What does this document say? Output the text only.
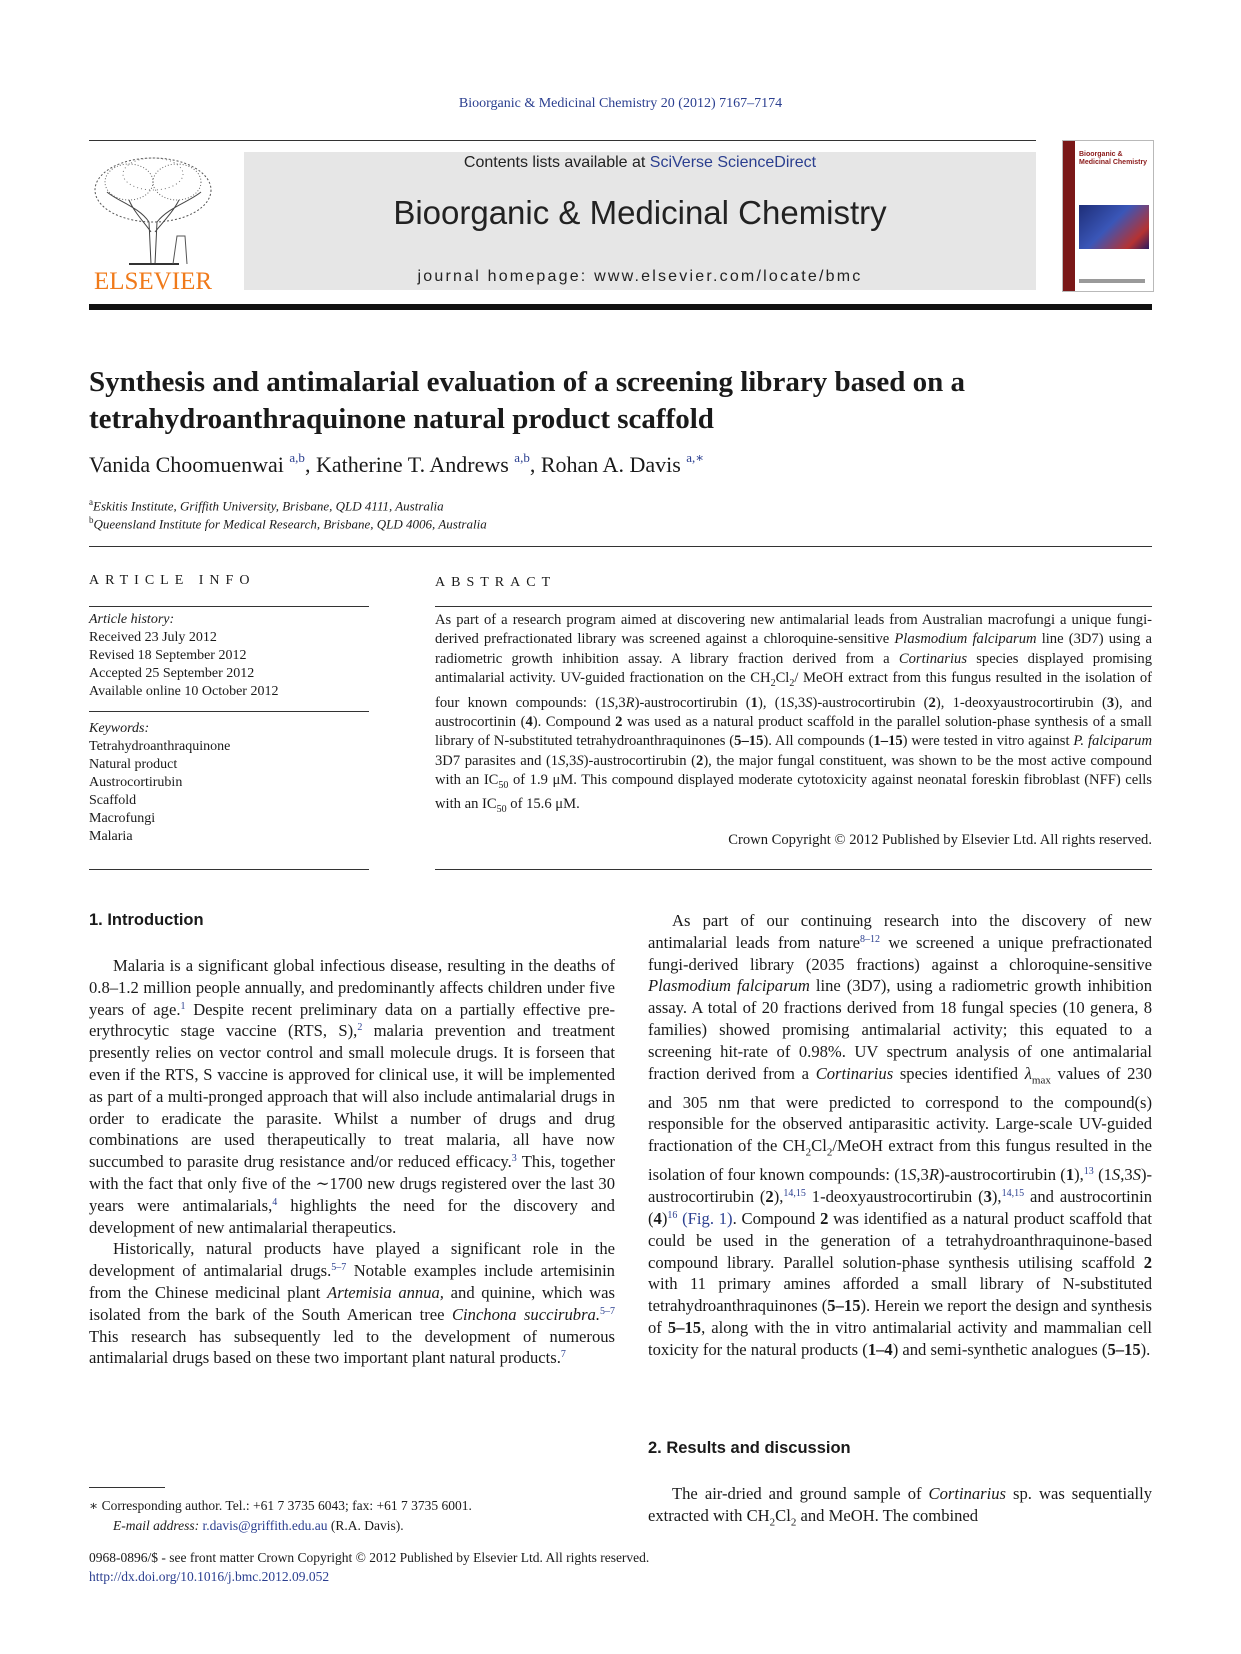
Bioorganic & Medicinal Chemistry 20 (2012) 7167–7174
ELSEVIER
Contents lists available at SciVerse ScienceDirect
Bioorganic & Medicinal Chemistry
journal homepage: www.elsevier.com/locate/bmc
Bioorganic & Medicinal Chemistry
Synthesis and antimalarial evaluation of a screening library based on a tetrahydroanthraquinone natural product scaffold
Vanida Choomuenwai $^{a,b}$, Katherine T. Andrews $^{a,b}$, Rohan A. Davis $^{a,∗}$
$^a$Eskitis Institute, Griffith University, Brisbane, QLD 4111, Australia
$^b$Queensland Institute for Medical Research, Brisbane, QLD 4006, Australia
ARTICLE INFO
Article history:
Received 23 July 2012
Revised 18 September 2012
Accepted 25 September 2012
Available online 10 October 2012
Keywords:
Tetrahydroanthraquinone
Natural product
Austrocortirubin
Scaffold
Macrofungi
Malaria
ABSTRACT
As part of a research program aimed at discovering new antimalarial leads from Australian macrofungi a unique fungi-derived prefractionated library was screened against a chloroquine-sensitive Plasmodium falciparum line (3D7) using a radiometric growth inhibition assay. A library fraction derived from a Cortinarius species displayed promising antimalarial activity. UV-guided fractionation on the $CH_2Cl_2/$ MeOH extract from this fungus resulted in the isolation of four known compounds: (1S,3R)-austrocortirubin (1), (1S,3S)-austrocortirubin (2), 1-deoxyaustrocortirubin (3), and austrocortinin (4). Compound 2 was used as a natural product scaffold in the parallel solution-phase synthesis of a small library of N-substituted tetrahydroanthraquinones (5–15). All compounds (1–15) were tested in vitro against P. falciparum 3D7 parasites and (1S,3S)-austrocortirubin (2), the major fungal constituent, was shown to be the most active compound with an $IC_{50}$ of 1.9 μM. This compound displayed moderate cytotoxicity against neonatal foreskin fibroblast (NFF) cells with an $IC_{50}$ of 15.6 μM.
Crown Copyright © 2012 Published by Elsevier Ltd. All rights reserved.
1. Introduction

Malaria is a significant global infectious disease, resulting in the deaths of 0.8–1.2 million people annually, and predominantly affects children under five years of age.$^1$ Despite recent preliminary data on a partially effective pre-erythrocytic stage vaccine (RTS, S),$^2$ malaria prevention and treatment presently relies on vector control and small molecule drugs. It is forseen that even if the RTS, S vaccine is approved for clinical use, it will be implemented as part of a multi-pronged approach that will also include antimalarial drugs in order to eradicate the parasite. Whilst a number of drugs and drug combinations are used therapeutically to treat malaria, all have now succumbed to parasite drug resistance and/or reduced efficacy.$^3$ This, together with the fact that only five of the ∼1700 new drugs registered over the last 30 years were antimalarials,$^4$ highlights the need for the discovery and development of new antimalarial therapeutics.

Historically, natural products have played a significant role in the development of antimalarial drugs.$^{5-7}$ Notable examples include artemisinin from the Chinese medicinal plant Artemisia annua, and quinine, which was isolated from the bark of the South American tree Cinchona succirubra.$^{5-7}$ This research has subsequently led to the development of numerous antimalarial drugs based on these two important plant natural products.$^7$

As part of our continuing research into the discovery of new antimalarial leads from nature$^{8-12}$ we screened a unique prefractionated fungi-derived library (2035 fractions) against a chloroquine-sensitive Plasmodium falciparum line (3D7), using a radiometric growth inhibition assay. A total of 20 fractions derived from 18 fungal species (10 genera, 8 families) showed promising antimalarial activity; this equated to a screening hit-rate of 0.98%. UV spectrum analysis of one antimalarial fraction derived from a Cortinarius species identified $\lambda_{max}$ values of 230 and 305 nm that were predicted to correspond to the compound(s) responsible for the observed antiparasitic activity. Large-scale UV-guided fractionation of the $CH_2Cl_2$/MeOH extract from this fungus resulted in the isolation of four known compounds: (1S,3R)-austrocortirubin (1),$^{13}$ (1S,3S)-austrocortirubin (2),$^{14,15}$ 1-deoxyaustrocortirubin (3),$^{14,15}$ and austrocortinin $(4)^{16}$ (Fig. 1). Compound 2 was identified as a natural product scaffold that could be used in the generation of a tetrahydroanthraquinone-based compound library. Parallel solution-phase synthesis utilising scaffold 2 with 11 primary amines afforded a small library of N-substituted tetrahydroanthraquinones (5–15). Herein we report the design and synthesis of 5–15, along with the in vitro antimalarial activity and mammalian cell toxicity for the natural products (1–4) and semi-synthetic analogues (5–15).

2. Results and discussion

The air-dried and ground sample of Cortinarius sp. was sequentially extracted with $CH_2Cl_2$ and MeOH. The combined

∗ Corresponding author. Tel.: +61 7 3735 6043; fax: +61 7 3735 6001.
E-mail address: r.davis@griffith.edu.au (R.A. Davis).
0968-0896/$ - see front matter Crown Copyright © 2012 Published by Elsevier Ltd. All rights reserved.
http://dx.doi.org/10.1016/j.bmc.2012.09.052
